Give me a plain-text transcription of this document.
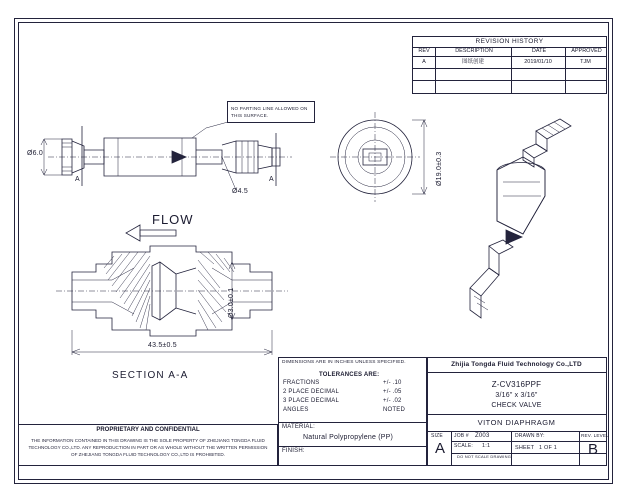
REVISION HISTORY
REV	DESCRIPTION	DATE	APPROVED
A	图纸创建	2019/01/10	TJM
Ø6.0
Ø4.5
A	A
FLOW
NO PARTING LINE ALLOWED ON THIS SURFACE.
Ø19.0±0.3
Ø3.0±0.1
43.5±0.5
SECTION A-A
DIMENSIONS ARE IN INCHES UNLESS SPECIFIED.
TOLERANCES ARE:
FRACTIONS	+/- .10
2 PLACE DECIMAL	+/- .05
3 PLACE DECIMAL	+/- .02
ANGLES	NOTED
MATERIAL:
Natural Polypropylene (PP)
FINISH:
Zhijia Tongda Fluid Technology Co.,LTD
Z-CV316PPF
3/16" x 3/16"
CHECK VALVE
VITON DIAPHRAGM
SIZE
A
JOB # Z003	DRAWN BY:	REV. LEVEL
B
SCALE: 1:1
DO NOT SCALE DRAWING
SHEET 1 OF 1
PROPRIETARY AND CONFIDENTIAL
THE INFORMATION CONTAINED IN THIS DRAWING IS THE SOLE PROPERTY OF ZHEJIANG TONGDA FLUID TECHNOLOGY CO.,LTD. ANY REPRODUCTION IN PART OR AS WHOLE WITHOUT THE WRITTEN PERMISSION OF ZHEJIANG TONGDA FLUID TECHNOLOGY CO.,LTD IS PROHIBITED.
